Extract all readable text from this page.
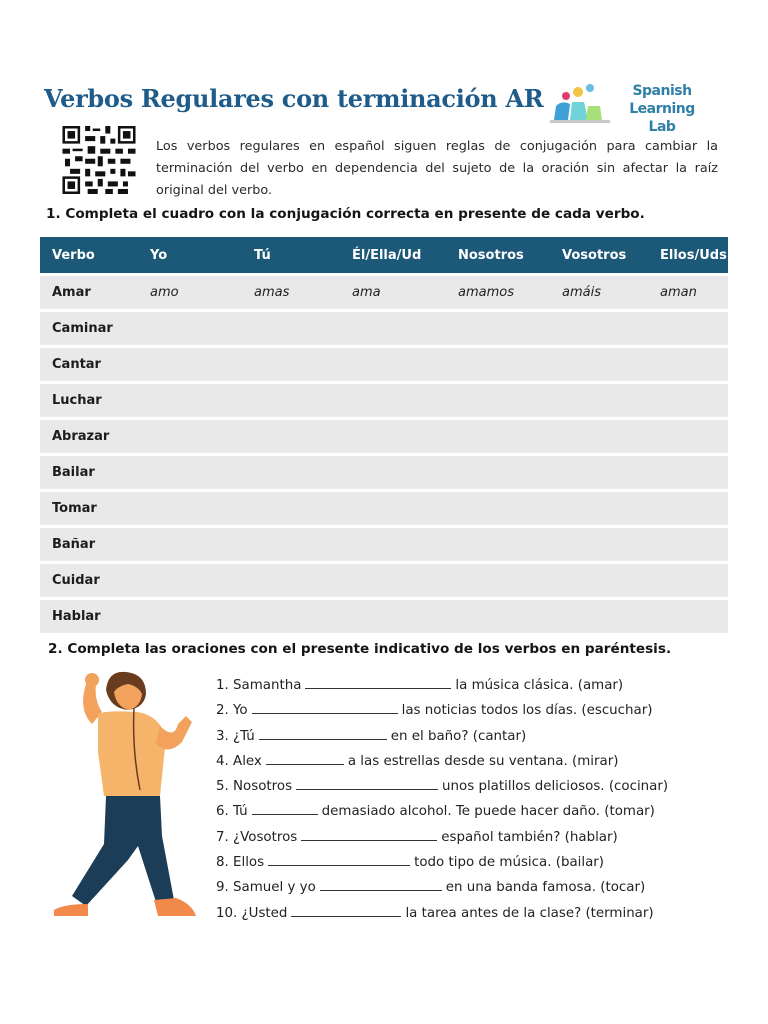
Verbos Regulares con terminación AR	Spanish Learning
Lab
Los verbos regulares en español siguen reglas de conjugación para cambiar la terminación del verbo en dependencia del sujeto de la oración sin afectar la raíz original del verbo.
1. Completa el cuadro con la conjugación correcta en presente de cada verbo.
Verbo	Yo	Tú	Él/Ella/Ud	Nosotros	Vosotros	Ellos/Uds
Amar	amo	amas	ama	amamos	amáis	aman
Caminar						
Cantar						
Luchar						
Abrazar						
Bailar						
Tomar						
Bañar						
Cuidar						
Hablar						
2. Completa las oraciones con el presente indicativo de los verbos en paréntesis.
1. Samantha	la música clásica. (amar)
2. Yo	las noticias todos los días. (escuchar)
3. ¿Tú	en el baño? (cantar)
4. Alex	a las estrellas desde su ventana. (mirar)
5. Nosotros	unos platillos deliciosos. (cocinar)
6. Tú	demasiado alcohol. Te puede hacer daño. (tomar)
7. ¿Vosotros	español también? (hablar)
8. Ellos	todo tipo de música. (bailar)
9. Samuel y yo	en una banda famosa. (tocar)
10. ¿Usted	la tarea antes de la clase? (terminar)
